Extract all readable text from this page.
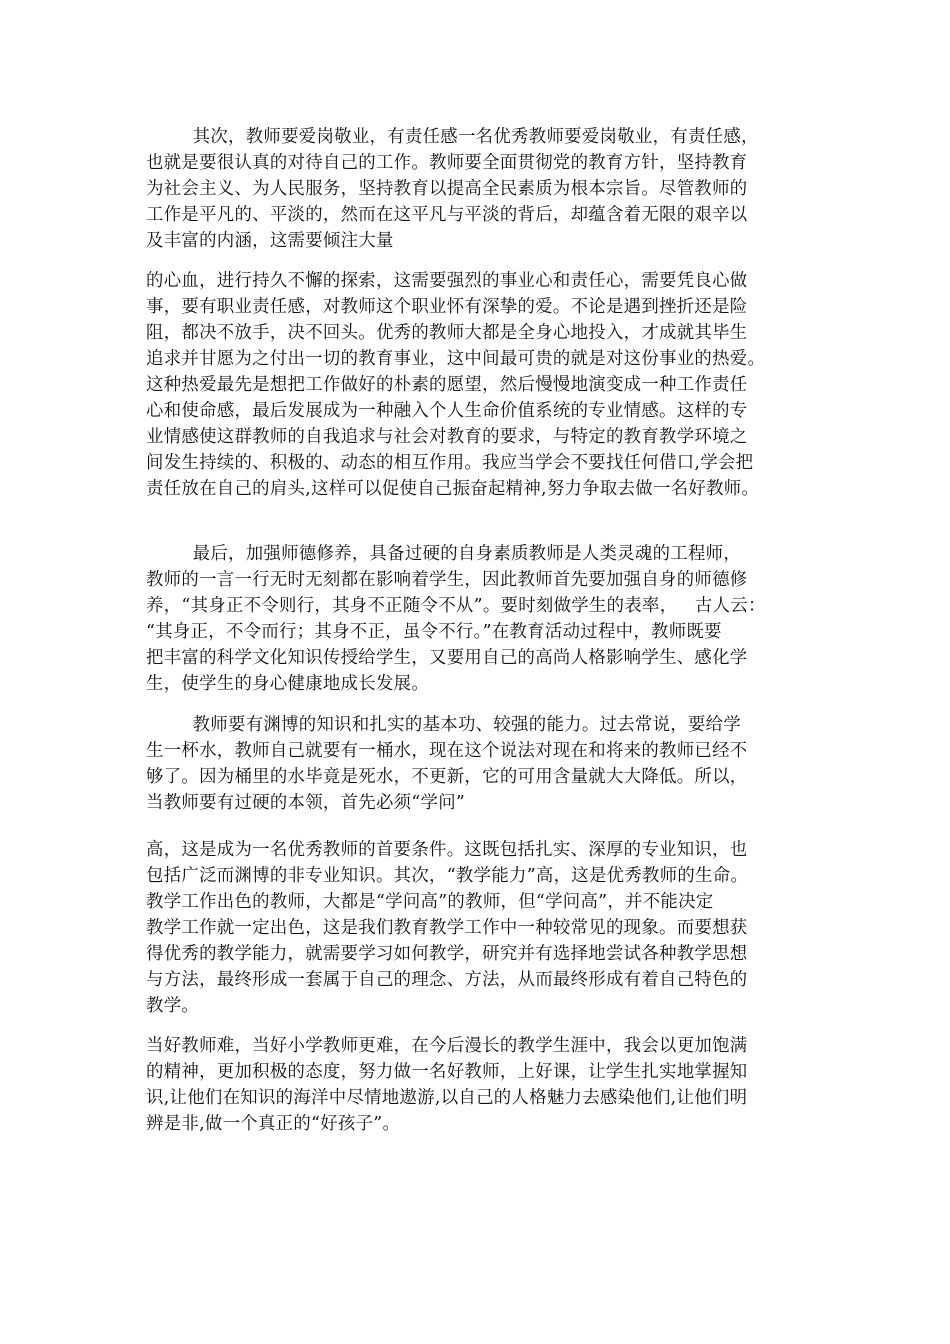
其次，教师要爱岗敬业，有责任感一名优秀教师要爱岗敬业，有责任感，
也就是要很认真的对待自己的工作。教师要全面贯彻党的教育方针，坚持教育
为社会主义、为人民服务，坚持教育以提高全民素质为根本宗旨。尽管教师的
工作是平凡的、平淡的，然而在这平凡与平淡的背后，却蕴含着无限的艰辛以
及丰富的内涵，这需要倾注大量
的心血，进行持久不懈的探索，这需要强烈的事业心和责任心，需要凭良心做
事，要有职业责任感，对教师这个职业怀有深挚的爱。不论是遇到挫折还是险
阻，都决不放手，决不回头。优秀的教师大都是全身心地投入，才成就其毕生
追求并甘愿为之付出一切的教育事业，这中间最可贵的就是对这份事业的热爱。
这种热爱最先是想把工作做好的朴素的愿望，然后慢慢地演变成一种工作责任
心和使命感，最后发展成为一种融入个人生命价值系统的专业情感。这样的专
业情感使这群教师的自我追求与社会对教育的要求，与特定的教育教学环境之
间发生持续的、积极的、动态的相互作用。我应当学会不要找任何借口,学会把
责任放在自己的肩头,这样可以促使自己振奋起精神,努力争取去做一名好教师。
最后，加强师德修养，具备过硬的自身素质教师是人类灵魂的工程师，
教师的一言一行无时无刻都在影响着学生，因此教师首先要加强自身的师德修
养，“其身正不令则行，其身不正随令不从”。要时刻做学生的表率，   古人云：
“其身正，不令而行；其身不正，虽令不行。”在教育活动过程中，教师既要
把丰富的科学文化知识传授给学生，又要用自己的高尚人格影响学生、感化学
生，使学生的身心健康地成长发展。
教师要有渊博的知识和扎实的基本功、较强的能力。过去常说，要给学
生一杯水，教师自己就要有一桶水，现在这个说法对现在和将来的教师已经不
够了。因为桶里的水毕竟是死水，不更新，它的可用含量就大大降低。所以，
当教师要有过硬的本领，首先必须“学问”
高，这是成为一名优秀教师的首要条件。这既包括扎实、深厚的专业知识，也
包括广泛而渊博的非专业知识。其次，“教学能力”高，这是优秀教师的生命。
教学工作出色的教师，大都是“学问高”的教师，但“学问高”，并不能决定
教学工作就一定出色，这是我们教育教学工作中一种较常见的现象。而要想获
得优秀的教学能力，就需要学习如何教学，研究并有选择地尝试各种教学思想
与方法，最终形成一套属于自己的理念、方法，从而最终形成有着自己特色的
教学。
当好教师难，当好小学教师更难，在今后漫长的教学生涯中，我会以更加饱满
的精神，更加积极的态度，努力做一名好教师，上好课，让学生扎实地掌握知
识,让他们在知识的海洋中尽情地遨游,以自己的人格魅力去感染他们,让他们明
辨是非,做一个真正的“好孩子”。
